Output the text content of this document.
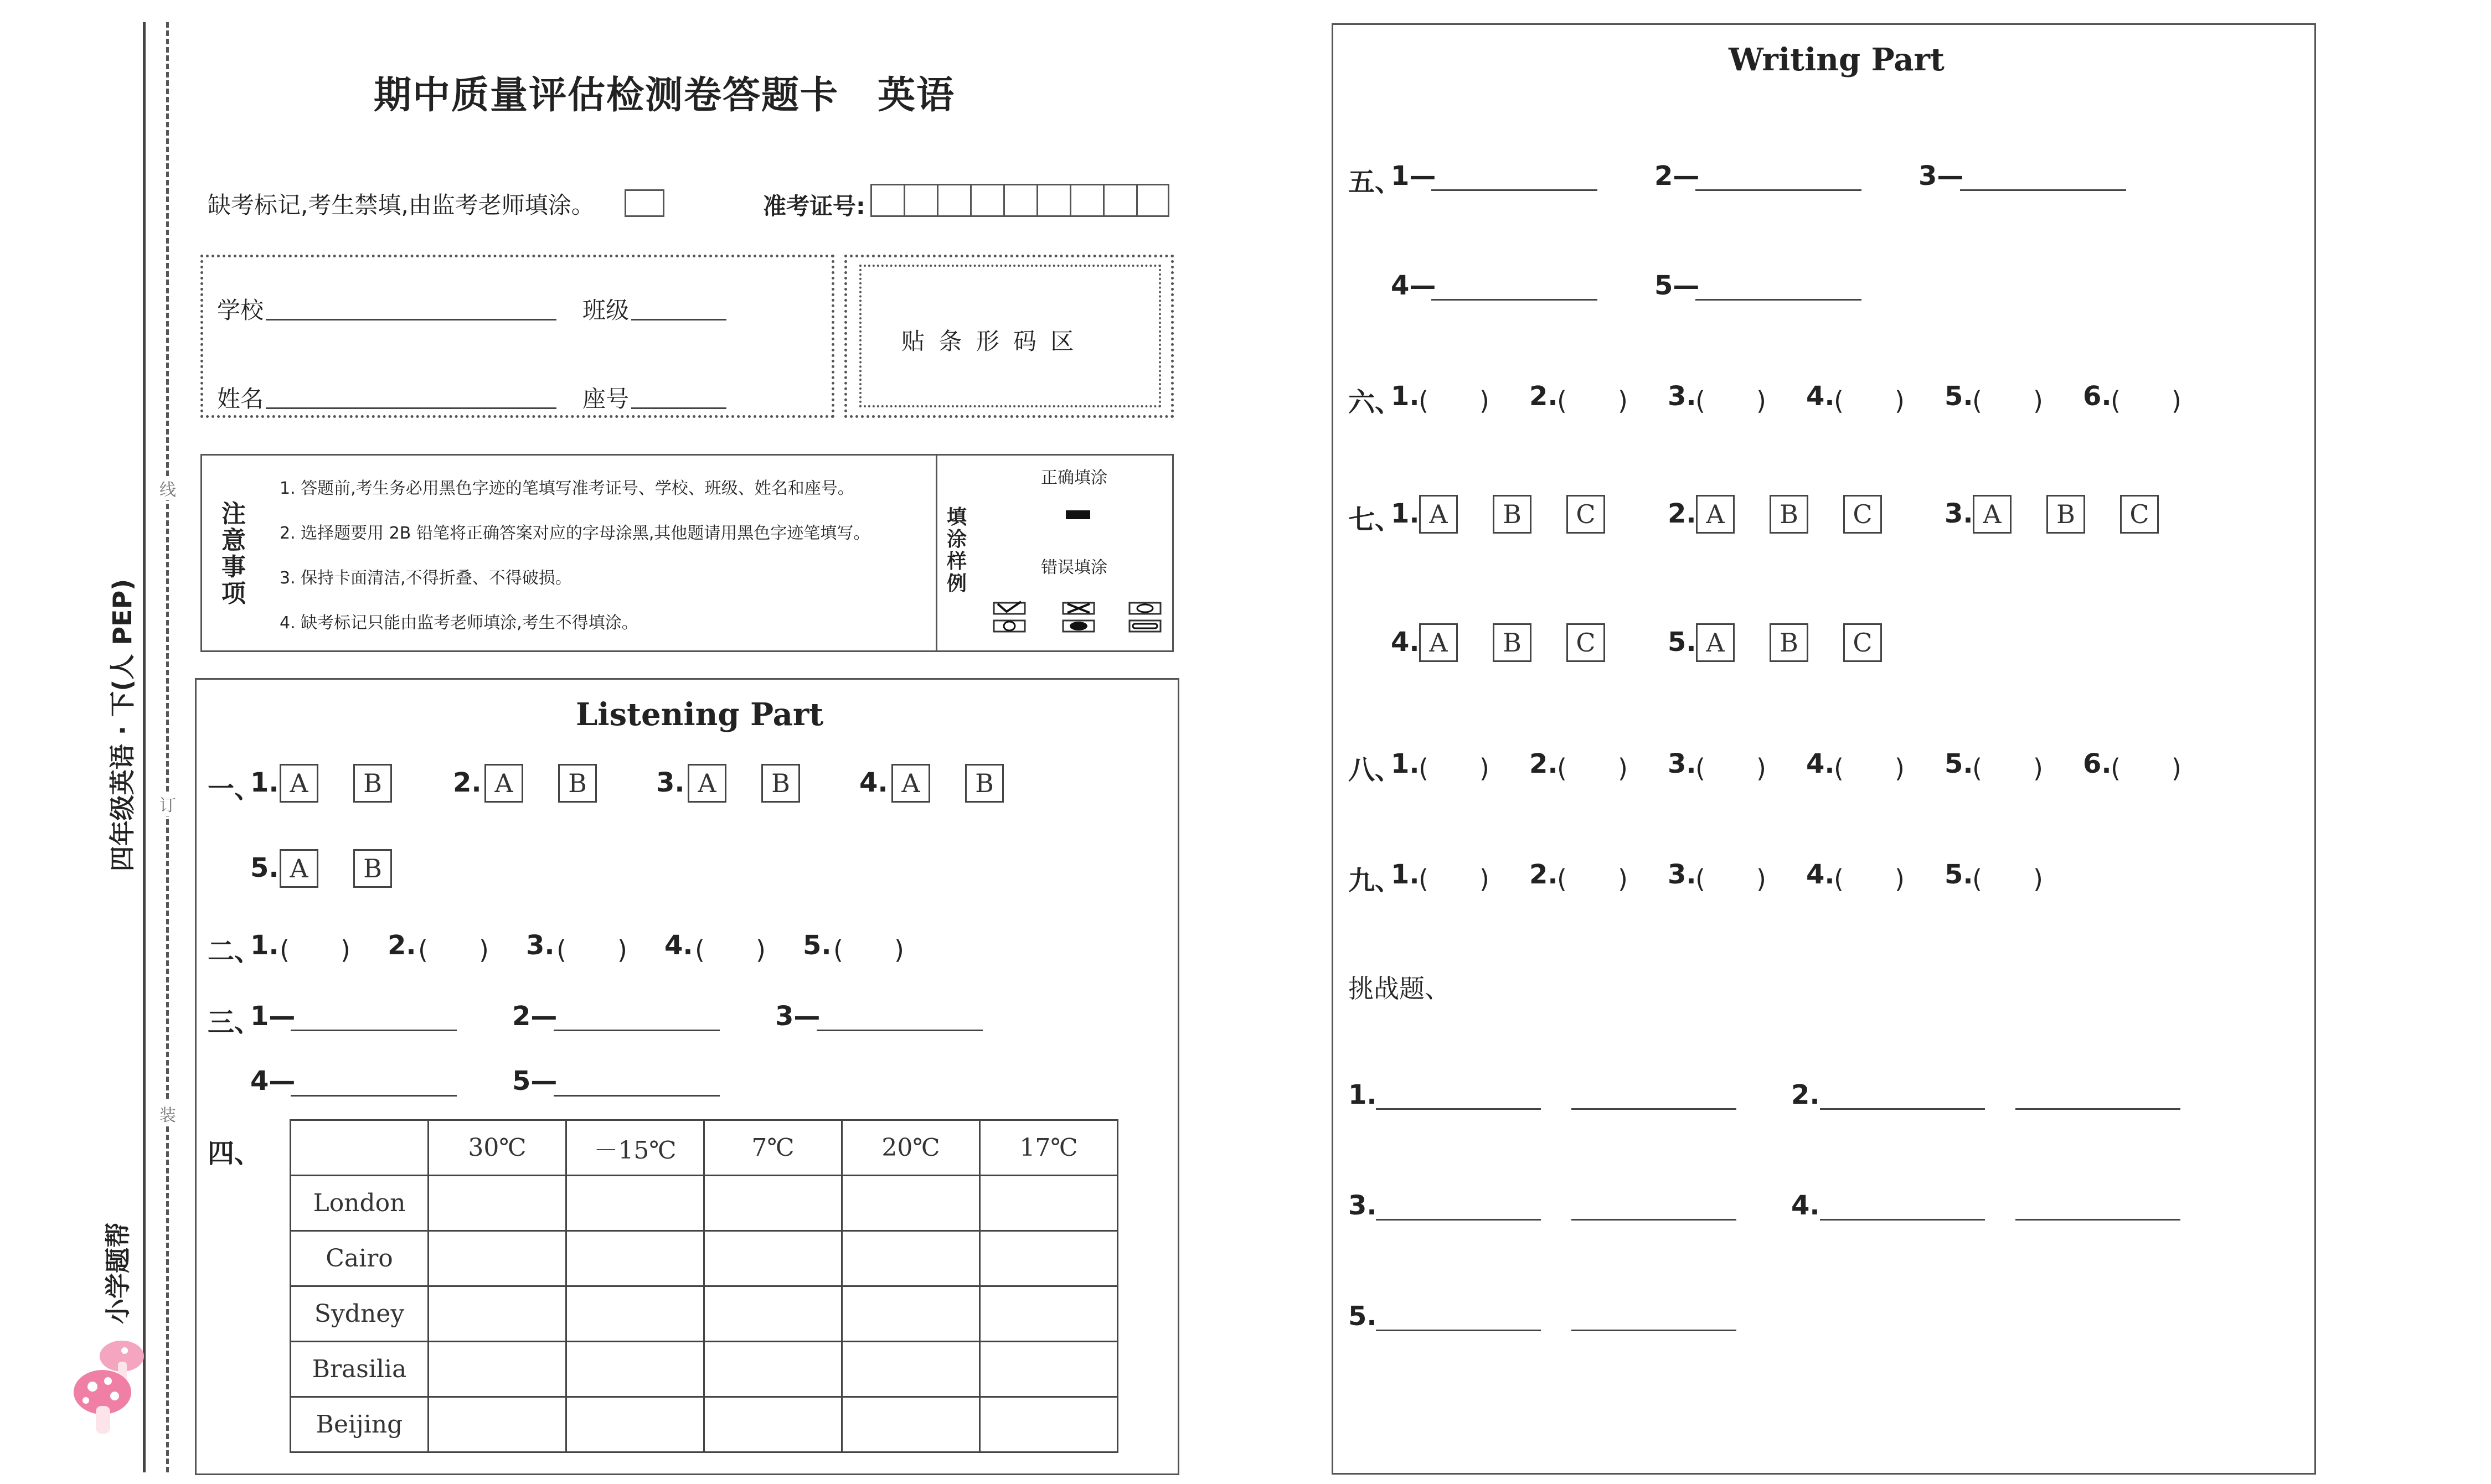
四年级英语 · 下(人 PEP)
小学题帮
线
订
装
期中质量评估检测卷答题卡　英语
缺考标记,考生禁填,由监考老师填涂。	准考证号:
学校	班级
姓名	座号
贴 条 形 码 区
注意事项
1. 答题前,考生务必用黑色字迹的笔填写准考证号、学校、班级、姓名和座号。
2. 选择题要用 2B 铅笔将正确答案对应的字母涂黑,其他题请用黑色字迹笔填写。
3. 保持卡面清洁,不得折叠、不得破损。
4. 缺考标记只能由监考老师填涂,考生不得填涂。
填涂样例
正确填涂
错误填涂
Listening Part
一、
1. A	B	2. A	B	3. A	B	4. A	B
5. A	B
二、
1. (　　) 2. (　　) 3. (　　) 4. (　　) 5. (　　)
三、
1—	2—	3—
4—	5—
四、
		30℃	－15℃	7℃	20℃	17℃
London					
Cairo					
Sydney					
Brasilia					
Beijing					
Writing Part
五、
1—	2—	3—
4—	5—
六、
1.
(　　) 2.
(　　) 3.
(　　) 4.
(　　) 5.
(　　) 6.
(　　)
七、
1. A	B	C	2. A	B	C	3. A	B	C
4. A	B	C	5. A	B	C
八、
1.
(　　) 2.
(　　) 3.
(　　) 4.
(　　) 5.
(　　) 6.
(　　)
九、
1.
(　　) 2.
(　　) 3.
(　　) 4.
(　　) 5.
(　　)
挑战题、
1.	2.
3.	4.
5.
